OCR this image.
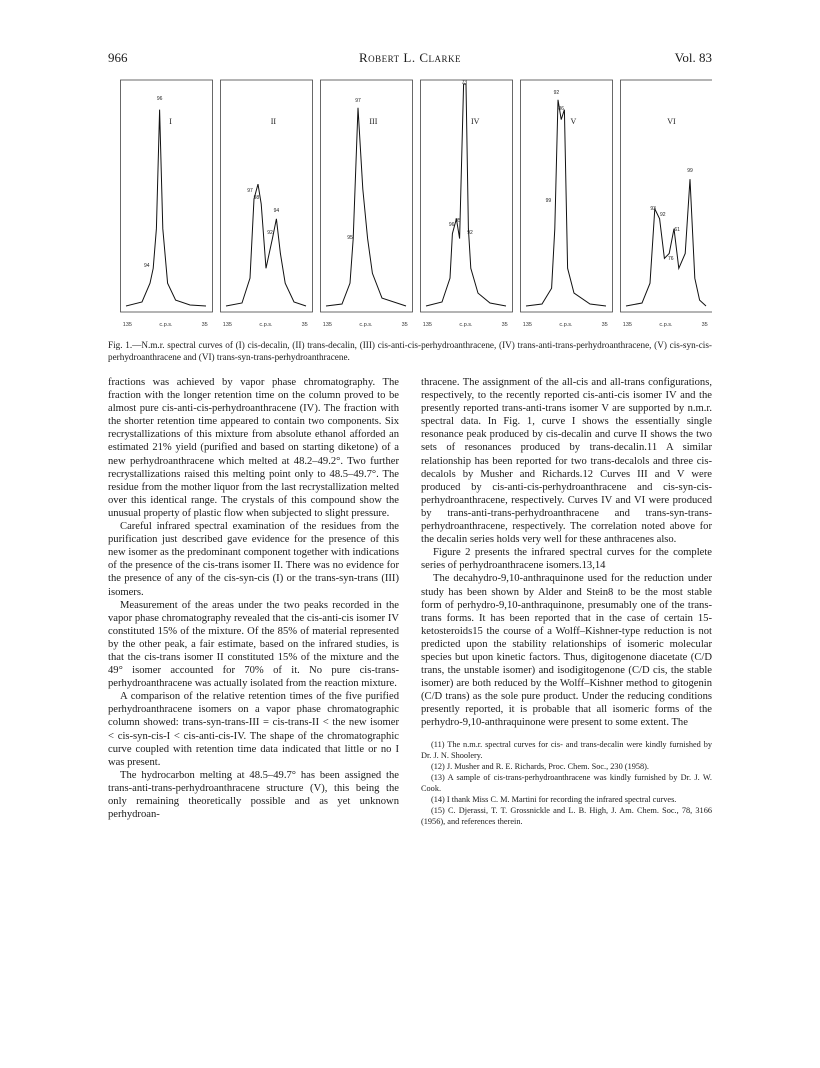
966	Robert L. Clarke	Vol. 83
I
96
94
135	c.p.s.	35
II
98
97
94
92
135	c.p.s.	35
III
97
95
135	c.p.s.	35
IV
73
96
95
92
135	c.p.s.	35
V
92
86
99
135	c.p.s.	35
VI
93
99
92
61
76
135	c.p.s.	35
Fig. 1.—N.m.r. spectral curves of (I) cis-decalin, (II) trans-decalin, (III) cis-anti-cis-perhydroanthracene, (IV) trans-anti-trans-perhydroanthracene, (V) cis-syn-cis-perhydroanthracene and (VI) trans-syn-trans-perhydroanthracene.

fractions was achieved by vapor phase chromatography. The fraction with the longer retention time on the column proved to be almost pure cis-anti-cis-perhydroanthracene (IV). The fraction with the shorter retention time appeared to contain two components. Six recrystallizations of this mixture from absolute ethanol afforded an estimated 21% yield (purified and based on starting diketone) of a new perhydroanthracene which melted at 48.2–49.2°. Two further recrystallizations raised this melting point only to 48.5–49.7°. The residue from the mother liquor from the last recrystallization melted over this identical range. The crystals of this compound show the unusual property of plastic flow when subjected to slight pressure.

Careful infrared spectral examination of the residues from the purification just described gave evidence for the presence of this new isomer as the predominant component together with indications of the presence of the cis-trans isomer II. There was no evidence for the presence of any of the cis-syn-cis (I) or the trans-syn-trans (III) isomers.

Measurement of the areas under the two peaks recorded in the vapor phase chromatography revealed that the cis-anti-cis isomer IV constituted 15% of the mixture. Of the 85% of material represented by the other peak, a fair estimate, based on the infrared studies, is that the cis-trans isomer II constituted 15% of the mixture and the 49° isomer accounted for 70% of it. No pure cis-trans-perhydroanthracene was actually isolated from the reaction mixture.

A comparison of the relative retention times of the five purified perhydroanthracene isomers on a vapor phase chromatographic column showed: trans-syn-trans-III = cis-trans-II < the new isomer < cis-syn-cis-I < cis-anti-cis-IV. The shape of the chromatographic curve coupled with retention time data indicated that little or no I was present.

The hydrocarbon melting at 48.5–49.7° has been assigned the trans-anti-trans-perhydroanthracene structure (V), this being the only remaining theoretically possible and as yet unknown perhydroan-

thracene. The assignment of the all-cis and all-trans configurations, respectively, to the recently reported cis-anti-cis isomer IV and the presently reported trans-anti-trans isomer V are supported by n.m.r. spectral data. In Fig. 1, curve I shows the essentially single resonance peak produced by cis-decalin and curve II shows the two sets of resonances produced by trans-decalin.11 A similar relationship has been reported for two trans-decalols and three cis-decalols by Musher and Richards.12 Curves III and V were produced by cis-anti-cis-perhydroanthracene and cis-syn-cis-perhydroanthracene, respectively. Curves IV and VI were produced by trans-anti-trans-perhydroanthracene and trans-syn-trans-perhydroanthracene, respectively. The correlation noted above for the decalin series holds very well for these anthracenes also.

Figure 2 presents the infrared spectral curves for the complete series of perhydroanthracene isomers.13,14

The decahydro-9,10-anthraquinone used for the reduction under study has been shown by Alder and Stein8 to be the most stable form of perhydro-9,10-anthraquinone, presumably one of the trans-trans forms. It has been reported that in the case of certain 15-ketosteroids15 the course of a Wolff–Kishner-type reduction is not predicted upon the stability relationships of isomeric molecular species but upon kinetic factors. Thus, digitogenone diacetate (C/D trans, the unstable isomer) and isodigitogenone (C/D cis, the stable isomer) are both reduced by the Wolff–Kishner method to gitogenin (C/D trans) as the sole pure product. Under the reducing conditions presently reported, it is probable that all isomeric forms of the perhydro-9,10-anthraquinone were present to some extent. The

(11) The n.m.r. spectral curves for cis- and trans-decalin were kindly furnished by Dr. J. N. Shoolery.

(12) J. Musher and R. E. Richards, Proc. Chem. Soc., 230 (1958).

(13) A sample of cis-trans-perhydroanthracene was kindly furnished by Dr. J. W. Cook.

(14) I thank Miss C. M. Martini for recording the infrared spectral curves.

(15) C. Djerassi, T. T. Grossnickle and L. B. High, J. Am. Chem. Soc., 78, 3166 (1956), and references therein.
